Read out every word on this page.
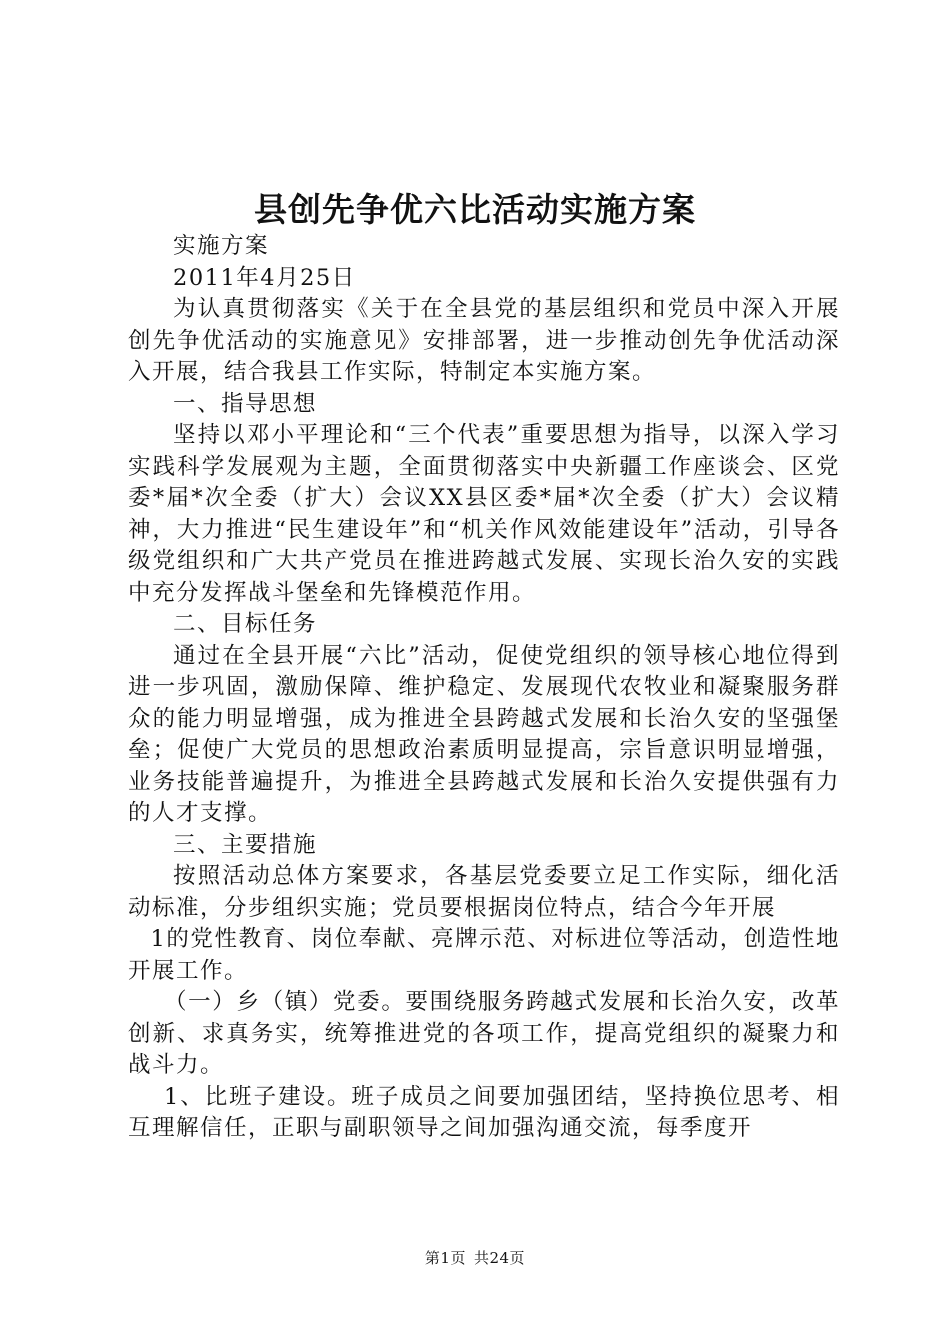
县创先争优六比活动实施方案

实施方案

2011年4月25日

为认真贯彻落实《关于在全县党的基层组织和党员中深入开展创先争优活动的实施意见》安排部署，进一步推动创先争优活动深入开展，结合我县工作实际，特制定本实施方案。

一、指导思想

坚持以邓小平理论和“三个代表”重要思想为指导，以深入学习实践科学发展观为主题，全面贯彻落实中央新疆工作座谈会、区党委*届*次全委（扩大）会议XX县区委*届*次全委（扩大）会议精神，大力推进“民生建设年”和“机关作风效能建设年”活动，引导各级党组织和广大共产党员在推进跨越式发展、实现长治久安的实践中充分发挥战斗堡垒和先锋模范作用。

二、目标任务

通过在全县开展“六比”活动，促使党组织的领导核心地位得到进一步巩固，激励保障、维护稳定、发展现代农牧业和凝聚服务群众的能力明显增强，成为推进全县跨越式发展和长治久安的坚强堡垒；促使广大党员的思想政治素质明显提高，宗旨意识明显增强，业务技能普遍提升，为推进全县跨越式发展和长治久安提供强有力的人才支撑。

三、主要措施

按照活动总体方案要求，各基层党委要立足工作实际，细化活动标准，分步组织实施；党员要根据岗位特点，结合今年开展

1的党性教育、岗位奉献、亮牌示范、对标进位等活动，创造性地开展工作。

（一）乡（镇）党委。要围绕服务跨越式发展和长治久安，改革创新、求真务实，统筹推进党的各项工作，提高党组织的凝聚力和战斗力。

1、比班子建设。班子成员之间要加强团结，坚持换位思考、相互理解信任，正职与副职领导之间加强沟通交流，每季度开

第1页 共24页
